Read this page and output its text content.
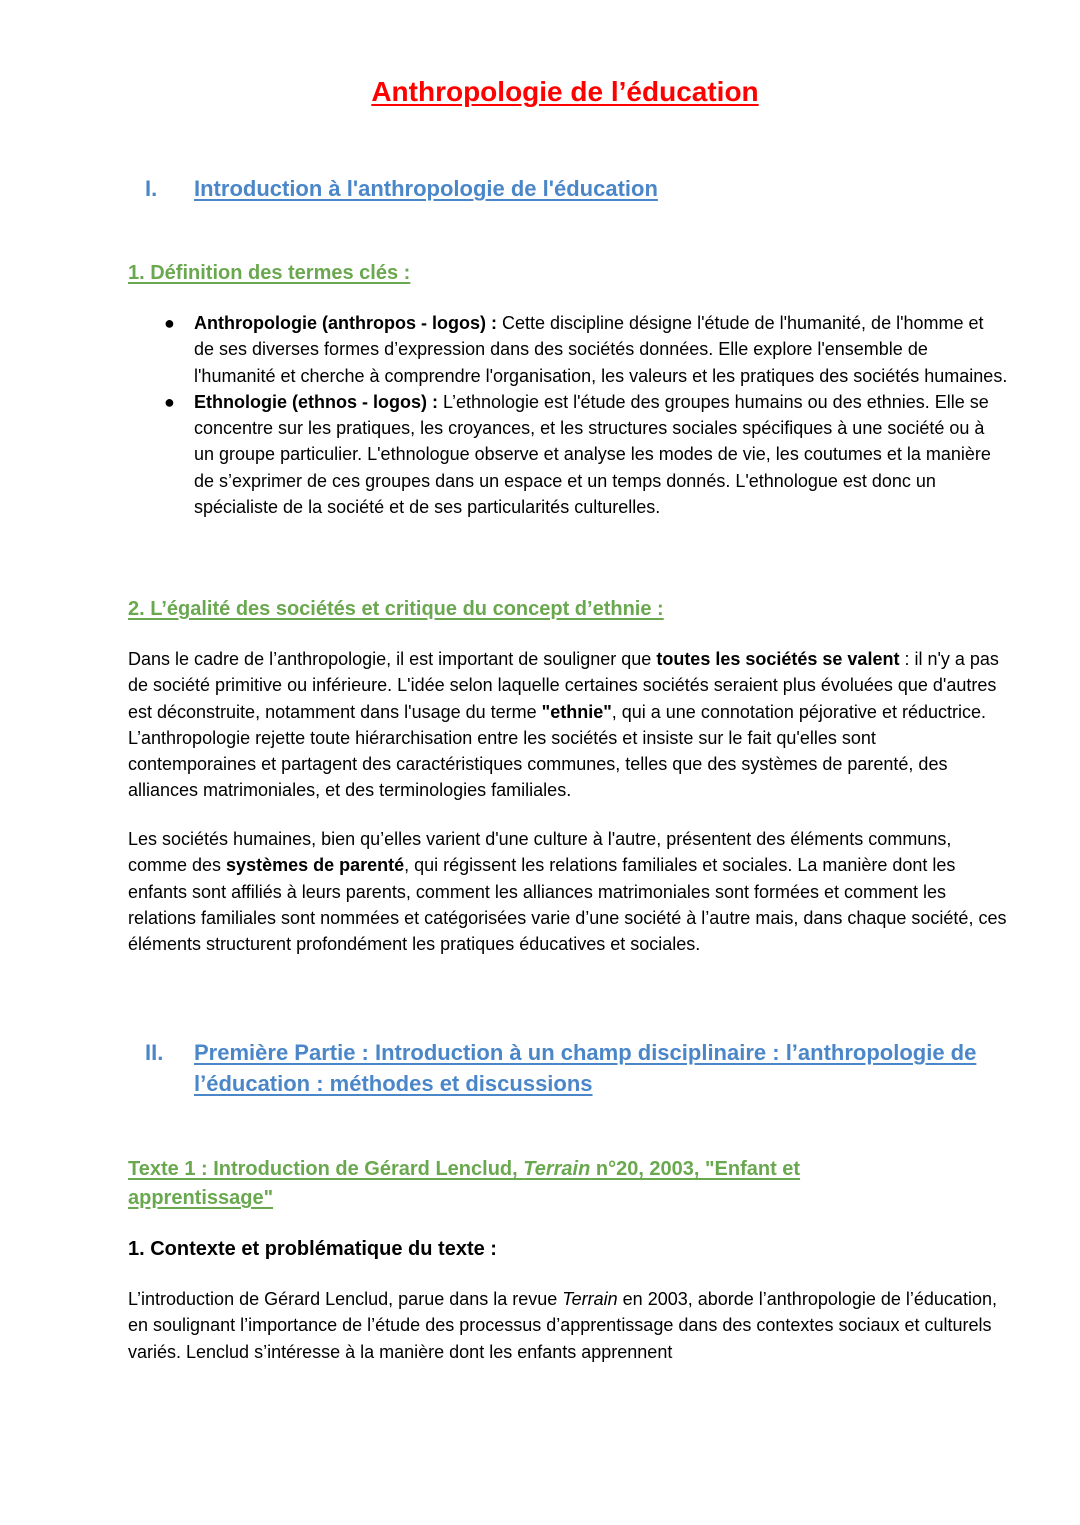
Anthropologie de l’éducation
I. Introduction à l'anthropologie de l'éducation
1. Définition des termes clés :
● Anthropologie (anthropos - logos) : Cette discipline désigne l'étude de l'humanité, de l'homme et de ses diverses formes d’expression dans des sociétés données. Elle explore l'ensemble de l'humanité et cherche à comprendre l'organisation, les valeurs et les pratiques des sociétés humaines.
● Ethnologie (ethnos - logos) : L’ethnologie est l'étude des groupes humains ou des ethnies. Elle se concentre sur les pratiques, les croyances, et les structures sociales spécifiques à une société ou à un groupe particulier. L'ethnologue observe et analyse les modes de vie, les coutumes et la manière de s’exprimer de ces groupes dans un espace et un temps donnés. L'ethnologue est donc un spécialiste de la société et de ses particularités culturelles.
2. L’égalité des sociétés et critique du concept d’ethnie :

Dans le cadre de l’anthropologie, il est important de souligner que toutes les sociétés se valent : il n'y a pas de société primitive ou inférieure. L'idée selon laquelle certaines sociétés seraient plus évoluées que d'autres est déconstruite, notamment dans l'usage du terme "ethnie", qui a une connotation péjorative et réductrice. L’anthropologie rejette toute hiérarchisation entre les sociétés et insiste sur le fait qu'elles sont contemporaines et partagent des caractéristiques communes, telles que des systèmes de parenté, des alliances matrimoniales, et des terminologies familiales.

Les sociétés humaines, bien qu’elles varient d'une culture à l'autre, présentent des éléments communs, comme des systèmes de parenté, qui régissent les relations familiales et sociales. La manière dont les enfants sont affiliés à leurs parents, comment les alliances matrimoniales sont formées et comment les relations familiales sont nommées et catégorisées varie d’une société à l’autre mais, dans chaque société, ces éléments structurent profondément les pratiques éducatives et sociales.

II. Première Partie : Introduction à un champ disciplinaire : l’anthropologie de l’éducation : méthodes et discussions
Texte 1 : Introduction de Gérard Lenclud, Terrain n°20, 2003, "Enfant et apprentissage"
1. Contexte et problématique du texte :

L’introduction de Gérard Lenclud, parue dans la revue Terrain en 2003, aborde l’anthropologie de l’éducation, en soulignant l’importance de l’étude des processus d’apprentissage dans des contextes sociaux et culturels variés. Lenclud s’intéresse à la manière dont les enfants apprennent
